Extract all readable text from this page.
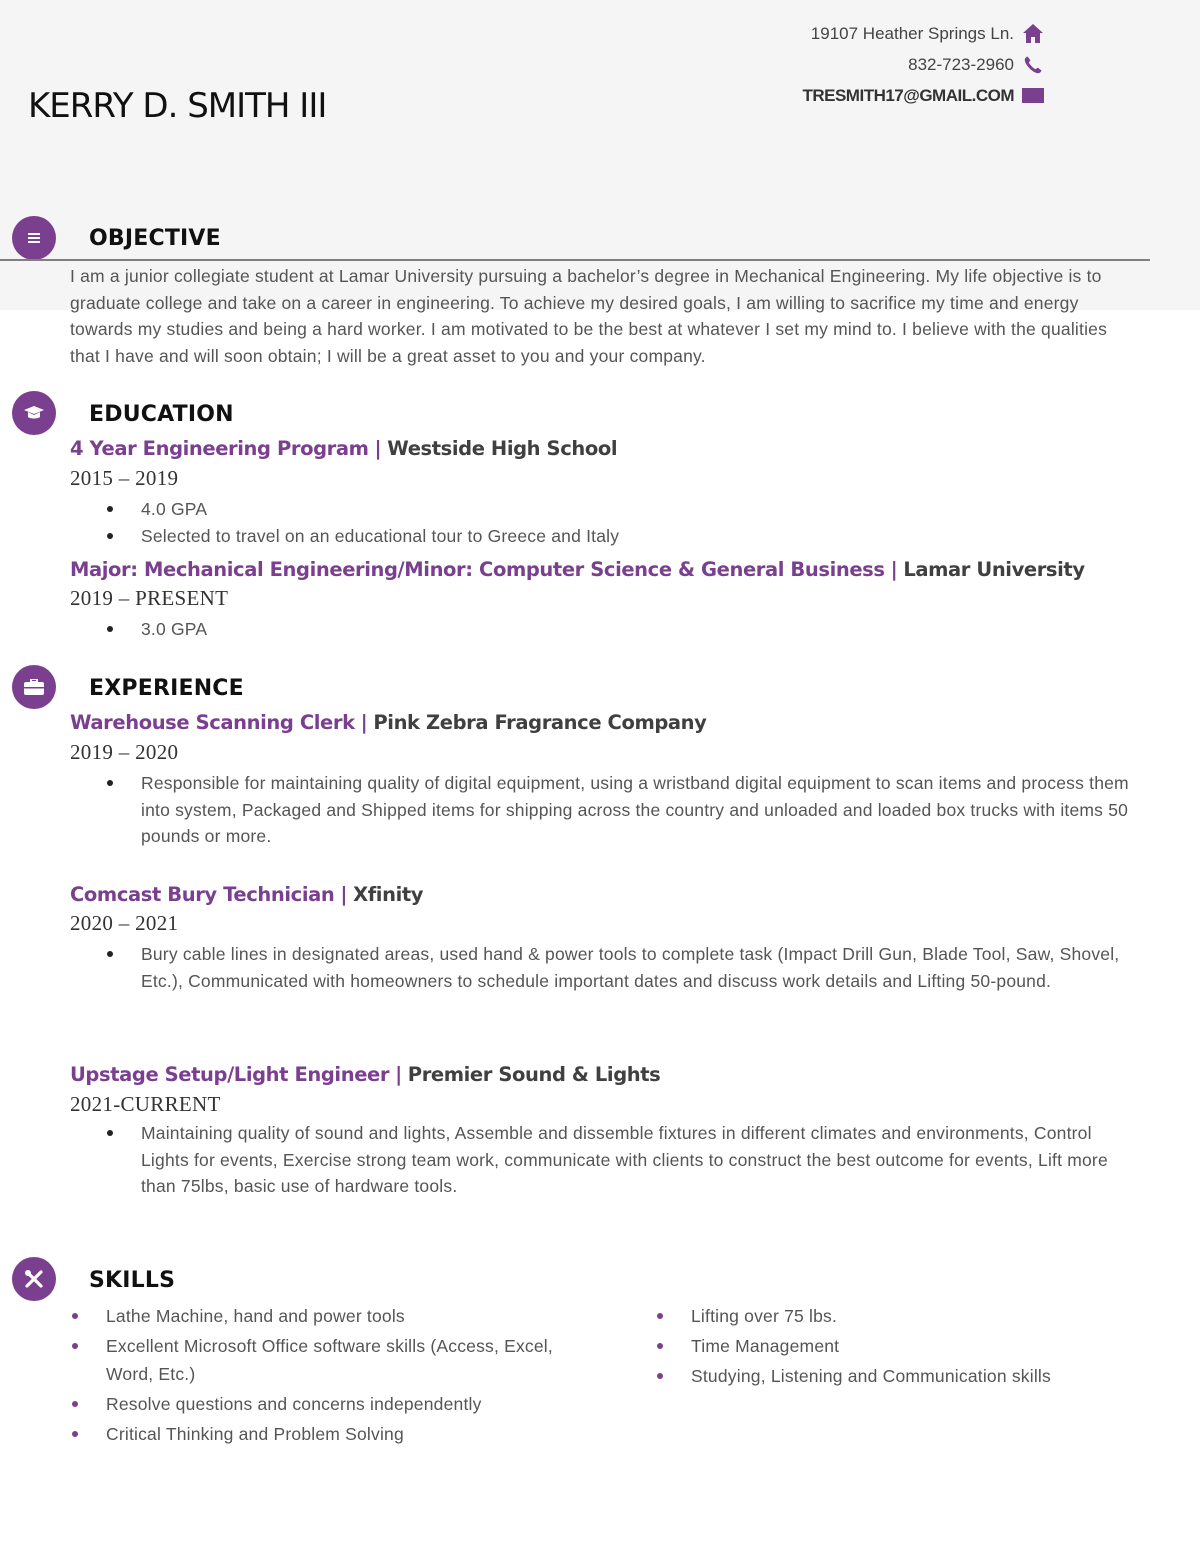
KERRY D. SMITH III
19107 Heather Springs Ln.
832-723-2960
TRESMITH17@GMAIL.COM
OBJECTIVE

I am a junior collegiate student at Lamar University pursuing a bachelor’s degree in Mechanical Engineering. My life objective is to graduate college and take on a career in engineering. To achieve my desired goals, I am willing to sacrifice my time and energy towards my studies and being a hard worker. I am motivated to be the best at whatever I set my mind to. I believe with the qualities that I have and will soon obtain; I will be a great asset to you and your company.

EDUCATION
4 Year Engineering Program | Westside High School
2015 – 2019
4.0 GPA
Selected to travel on an educational tour to Greece and Italy
Major: Mechanical Engineering/Minor: Computer Science & General Business | Lamar University
2019 – PRESENT
3.0 GPA
EXPERIENCE
Warehouse Scanning Clerk | Pink Zebra Fragrance Company
2019 – 2020
Responsible for maintaining quality of digital equipment, using a wristband digital equipment to scan items and process them into system, Packaged and Shipped items for shipping across the country and unloaded and loaded box trucks with items 50 pounds or more.
Comcast Bury Technician | Xfinity
2020 – 2021
Bury cable lines in designated areas, used hand & power tools to complete task (Impact Drill Gun, Blade Tool, Saw, Shovel, Etc.), Communicated with homeowners to schedule important dates and discuss work details and Lifting 50-pound.
Upstage Setup/Light Engineer | Premier Sound & Lights
2021-CURRENT
Maintaining quality of sound and lights, Assemble and dissemble fixtures in different climates and environments, Control Lights for events, Exercise strong team work, communicate with clients to construct the best outcome for events, Lift more than 75lbs, basic use of hardware tools.
SKILLS
Lathe Machine, hand and power tools
Excellent Microsoft Office software skills (Access, Excel, Word, Etc.)
Resolve questions and concerns independently
Critical Thinking and Problem Solving
Lifting over 75 lbs.
Time Management
Studying, Listening and Communication skills
